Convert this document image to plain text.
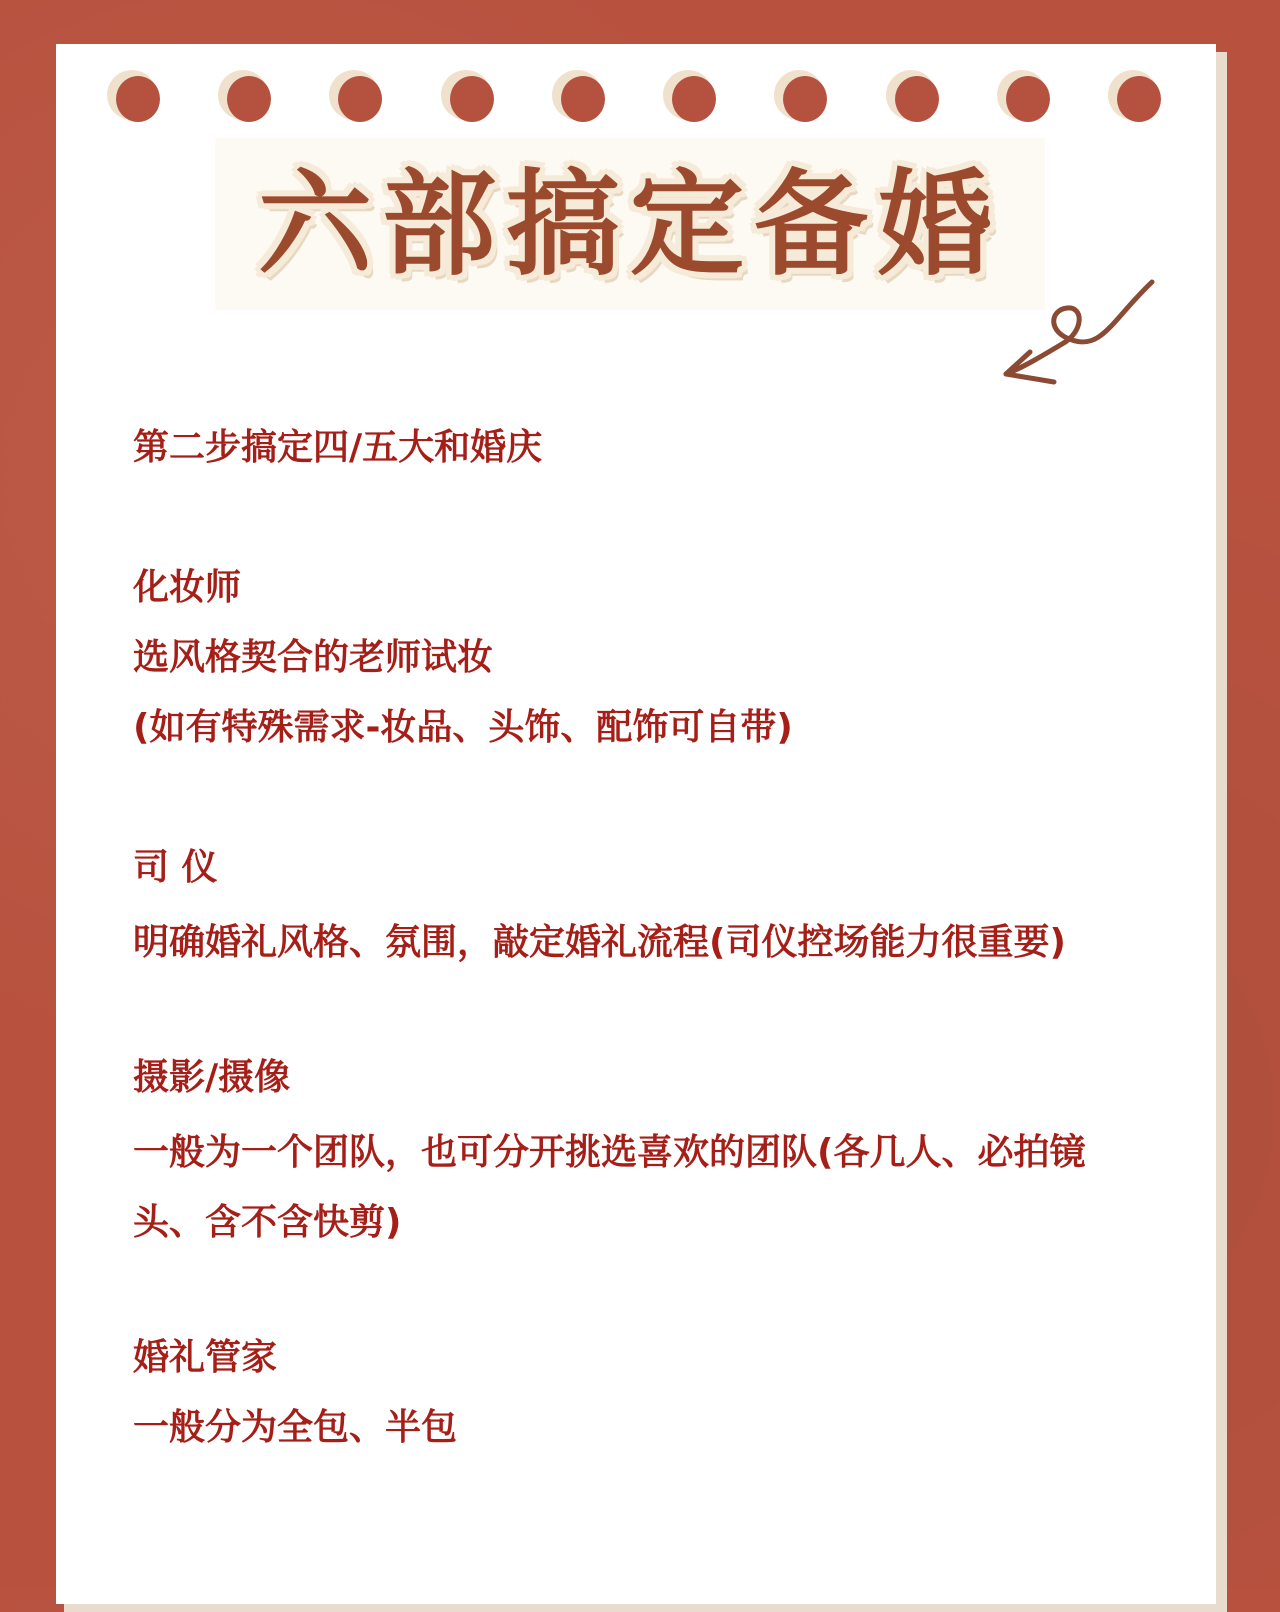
六部搞定备婚
第二步搞定四/五大和婚庆
化妆师
选风格契合的老师试妆
(如有特殊需求-妆品、头饰、配饰可自带)
司 仪
明确婚礼风格、氛围，敲定婚礼流程(司仪控场能力很重要)
摄影/摄像
一般为一个团队，也可分开挑选喜欢的团队(各几人、必拍镜头、含不含快剪)
婚礼管家
一般分为全包、半包
